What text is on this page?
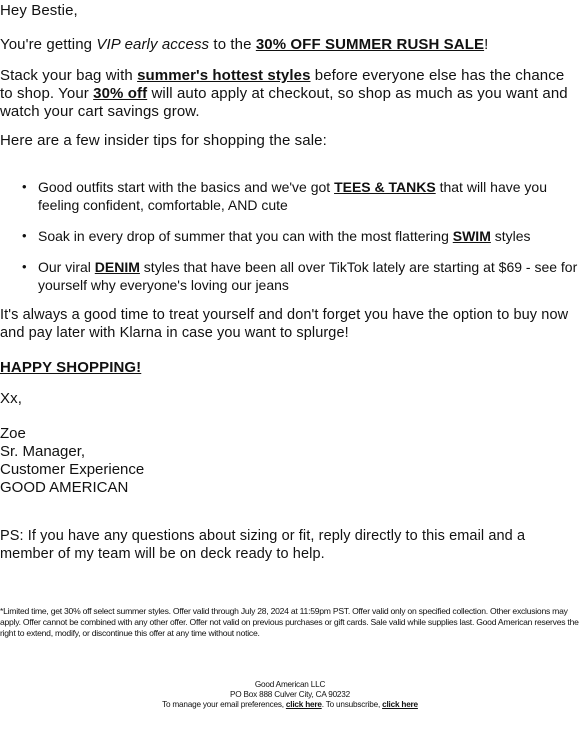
Hey Bestie,

You're getting VIP early access to the 30% OFF SUMMER RUSH SALE!

Stack your bag with summer's hottest styles before everyone else has the chance to shop. Your 30% off will auto apply at checkout, so shop as much as you want and watch your cart savings grow.

Here are a few insider tips for shopping the sale:

• Good outfits start with the basics and we've got TEES & TANKS that will have you feeling confident, comfortable, AND cute
• Soak in every drop of summer that you can with the most flattering SWIM styles
• Our viral DENIM styles that have been all over TikTok lately are starting at $69 - see for yourself why everyone's loving our jeans

It's always a good time to treat yourself and don't forget you have the option to buy now and pay later with Klarna in case you want to splurge!

HAPPY SHOPPING!

Xx,

Zoe
Sr. Manager,
Customer Experience
GOOD AMERICAN

PS: If you have any questions about sizing or fit, reply directly to this email and a member of my team will be on deck ready to help.

*Limited time, get 30% off select summer styles. Offer valid through July 28, 2024 at 11:59pm PST. Offer valid only on specified collection. Other exclusions may apply. Offer cannot be combined with any other offer. Offer not valid on previous purchases or gift cards. Sale valid while supplies last. Good American reserves the right to extend, modify, or discontinue this offer at any time without notice.

Good American LLC
PO Box 888 Culver City, CA 90232
To manage your email preferences, click here. To unsubscribe, click here
